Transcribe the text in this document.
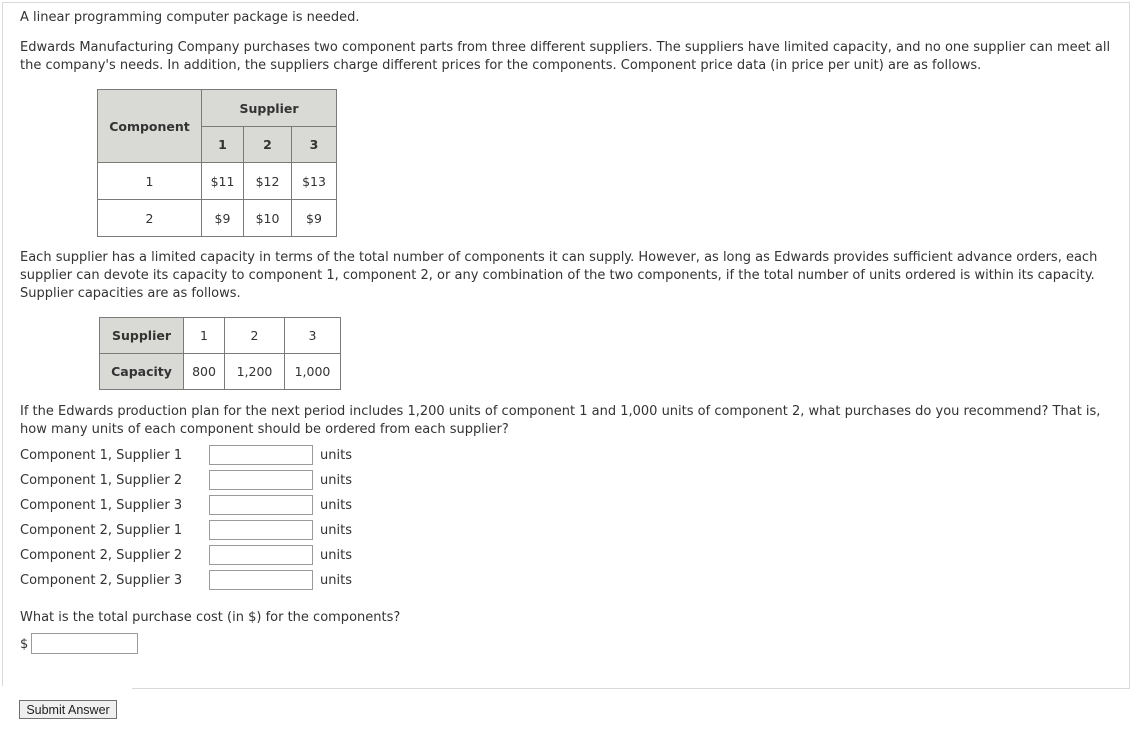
A linear programming computer package is needed.

Edwards Manufacturing Company purchases two component parts from three different suppliers. The suppliers have limited capacity, and no one supplier can meet all the company's needs. In addition, the suppliers charge different prices for the components. Component price data (in price per unit) are as follows.

Component	Supplier		
	1	2	3
1	$11	$12	$13
2	$9	$10	$9

Each supplier has a limited capacity in terms of the total number of components it can supply. However, as long as Edwards provides sufficient advance orders, each supplier can devote its capacity to component 1, component 2, or any combination of the two components, if the total number of units ordered is within its capacity. Supplier capacities are as follows.

Supplier	1	2	3
Capacity	800	1,200	1,000

If the Edwards production plan for the next period includes 1,200 units of component 1 and 1,000 units of component 2, what purchases do you recommend? That is, how many units of each component should be ordered from each supplier?

Component 1, Supplier 1	units
Component 1, Supplier 2	units
Component 1, Supplier 3	units
Component 2, Supplier 1	units
Component 2, Supplier 2	units
Component 2, Supplier 3	units

What is the total purchase cost (in $) for the components?

$
Submit Answer
